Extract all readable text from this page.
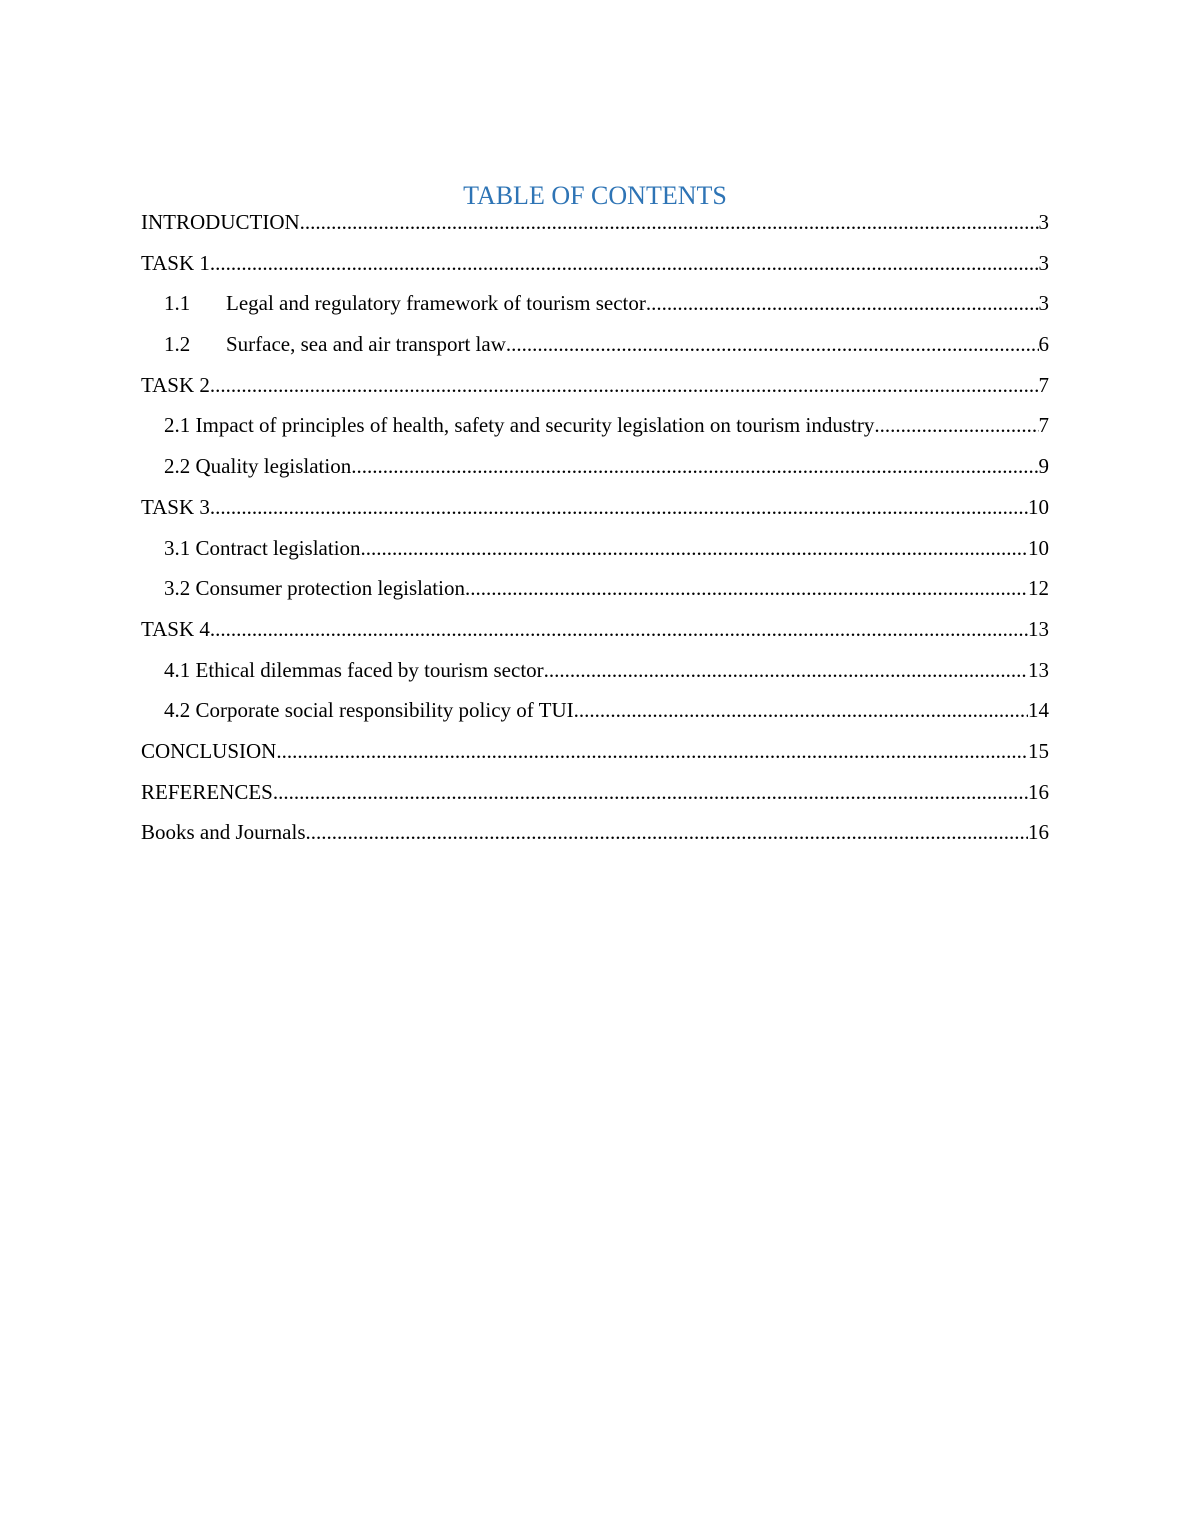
TABLE OF CONTENTS
INTRODUCTION .....	3
TASK 1 .....	3
1.1	Legal and regulatory framework of tourism sector .....	3
1.2	Surface, sea and air transport law .....	6
TASK 2 .....	7
2.1 Impact of principles of health, safety and security legislation on tourism industry .....	7
2.2 Quality legislation .....	9
TASK 3 .....	10
3.1 Contract legislation .....	10
3.2 Consumer protection legislation .....	12
TASK 4 .....	13
4.1 Ethical dilemmas faced by tourism sector .....	13
4.2 Corporate social responsibility policy of TUI .....	14
CONCLUSION .....	15
REFERENCES .....	16
Books and Journals .....	16
